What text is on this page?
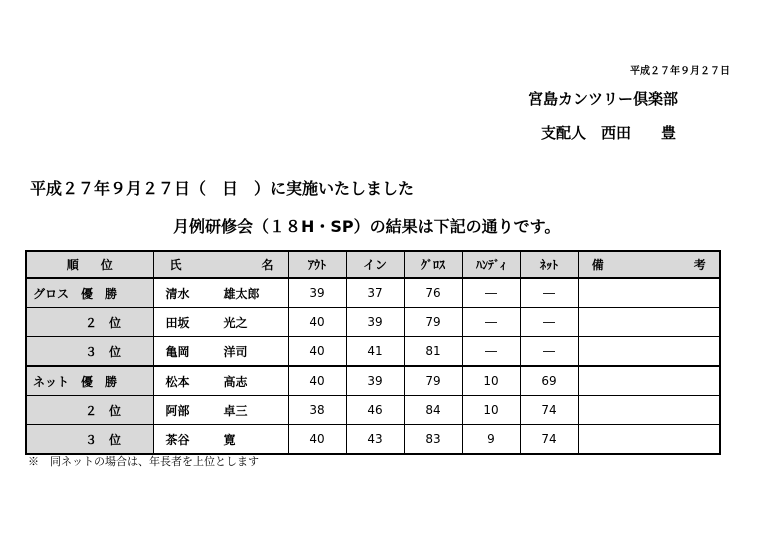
平成２７年９月２７日
宮島カンツリー倶楽部
支配人　西田　　豊
平成２７年９月２７日（　日　）に実施いたしました
月例研修会（１８H・SP）の結果は下記の通りです。
順 位	氏 名	ｱｳﾄ	イン	ｸﾞﾛｽ	ﾊﾝﾃﾞｨ	ﾈｯﾄ	備 考
グロス　優　勝	清水 雄太郎	39	37	76	―	―	
２　位	田坂 光之	40	39	79	―	―	
３　位	亀岡 洋司	40	41	81	―	―	
ネット　優　勝	松本 高志	40	39	79	10	69	
２　位	阿部 卓三	38	46	84	10	74	
３　位	茶谷 寛	40	43	83	9	74	
※　同ネットの場合は、年長者を上位とします
